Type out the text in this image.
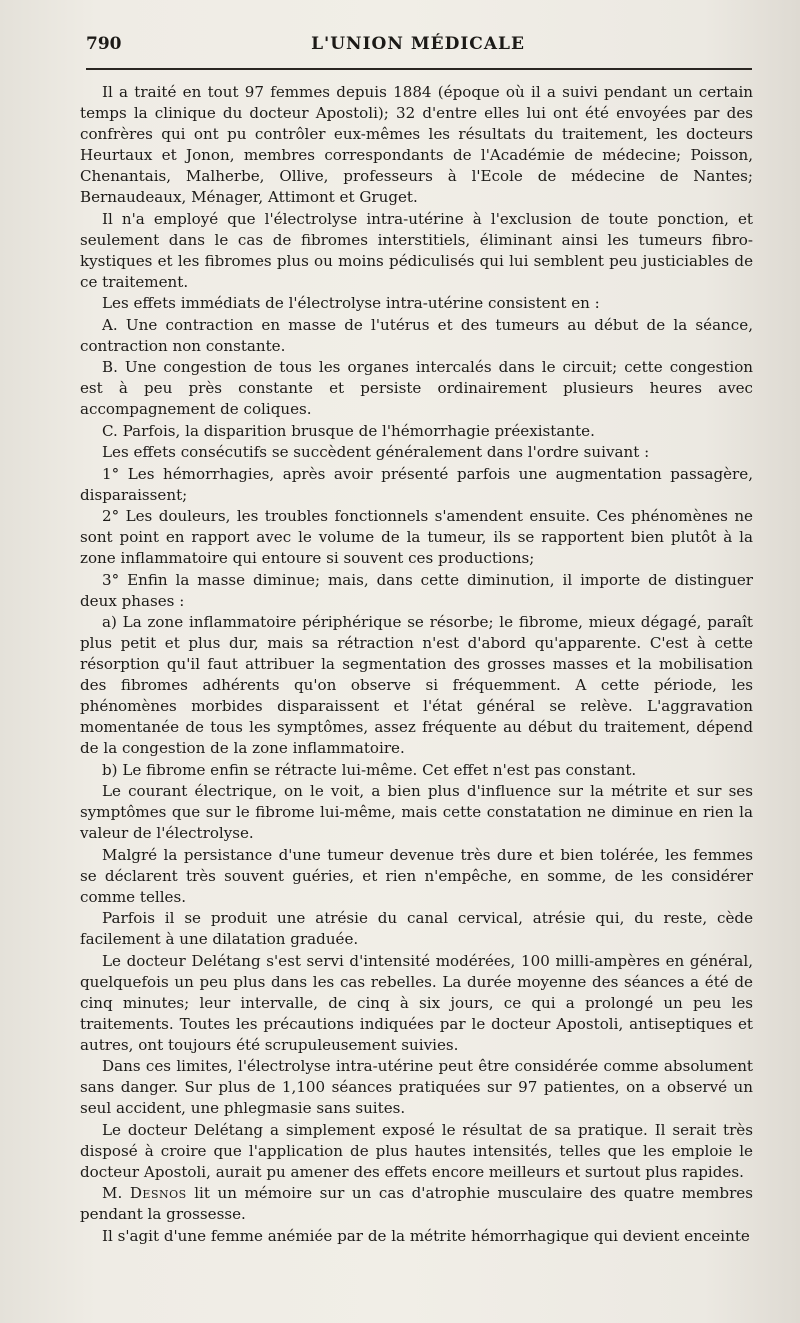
790	L'UNION MÉDICALE

Il a traité en tout 97 femmes depuis 1884 (époque où il a suivi pendant un certain temps la clinique du docteur Apostoli); 32 d'entre elles lui ont été envoyées par des confrères qui ont pu contrôler eux-mêmes les résultats du traitement, les docteurs Heurtaux et Jonon, membres correspondants de l'Académie de médecine; Poisson, Chenantais, Malherbe, Ollive, professeurs à l'Ecole de médecine de Nantes; Bernaudeaux, Ménager, Attimont et Gruget.

Il n'a employé que l'électrolyse intra-utérine à l'exclusion de toute ponction, et seulement dans le cas de fibromes interstitiels, éliminant ainsi les tumeurs fibro-kystiques et les fibromes plus ou moins pédiculisés qui lui semblent peu justiciables de ce traitement.

Les effets immédiats de l'électrolyse intra-utérine consistent en :

A. Une contraction en masse de l'utérus et des tumeurs au début de la séance, contraction non constante.

B. Une congestion de tous les organes intercalés dans le circuit; cette congestion est à peu près constante et persiste ordinairement plusieurs heures avec accompagnement de coliques.

C. Parfois, la disparition brusque de l'hémorrhagie préexistante.

Les effets consécutifs se succèdent généralement dans l'ordre suivant :

1° Les hémorrhagies, après avoir présenté parfois une augmentation passagère, disparaissent;

2° Les douleurs, les troubles fonctionnels s'amendent ensuite. Ces phénomènes ne sont point en rapport avec le volume de la tumeur, ils se rapportent bien plutôt à la zone inflammatoire qui entoure si souvent ces productions;

3° Enfin la masse diminue; mais, dans cette diminution, il importe de distinguer deux phases :

a) La zone inflammatoire périphérique se résorbe; le fibrome, mieux dégagé, paraît plus petit et plus dur, mais sa rétraction n'est d'abord qu'apparente. C'est à cette résorption qu'il faut attribuer la segmentation des grosses masses et la mobilisation des fibromes adhérents qu'on observe si fréquemment. A cette période, les phénomènes morbides disparaissent et l'état général se relève. L'aggravation momentanée de tous les symptômes, assez fréquente au début du traitement, dépend de la congestion de la zone inflammatoire.

b) Le fibrome enfin se rétracte lui-même. Cet effet n'est pas constant.

Le courant électrique, on le voit, a bien plus d'influence sur la métrite et sur ses symptômes que sur le fibrome lui-même, mais cette constatation ne diminue en rien la valeur de l'électrolyse.

Malgré la persistance d'une tumeur devenue très dure et bien tolérée, les femmes se déclarent très souvent guéries, et rien n'empêche, en somme, de les considérer comme telles.

Parfois il se produit une atrésie du canal cervical, atrésie qui, du reste, cède facilement à une dilatation graduée.

Le docteur Delétang s'est servi d'intensité modérées, 100 milli-ampères en général, quelquefois un peu plus dans les cas rebelles. La durée moyenne des séances a été de cinq minutes; leur intervalle, de cinq à six jours, ce qui a prolongé un peu les traitements. Toutes les précautions indiquées par le docteur Apostoli, antiseptiques et autres, ont toujours été scrupuleusement suivies.

Dans ces limites, l'électrolyse intra-utérine peut être considérée comme absolument sans danger. Sur plus de 1,100 séances pratiquées sur 97 patientes, on a observé un seul accident, une phlegmasie sans suites.

Le docteur Delétang a simplement exposé le résultat de sa pratique. Il serait très disposé à croire que l'application de plus hautes intensités, telles que les emploie le docteur Apostoli, aurait pu amener des effets encore meilleurs et surtout plus rapides.

M. Desnos lit un mémoire sur un cas d'atrophie musculaire des quatre membres pendant la grossesse.

Il s'agit d'une femme anémiée par de la métrite hémorrhagique qui devient enceinte
